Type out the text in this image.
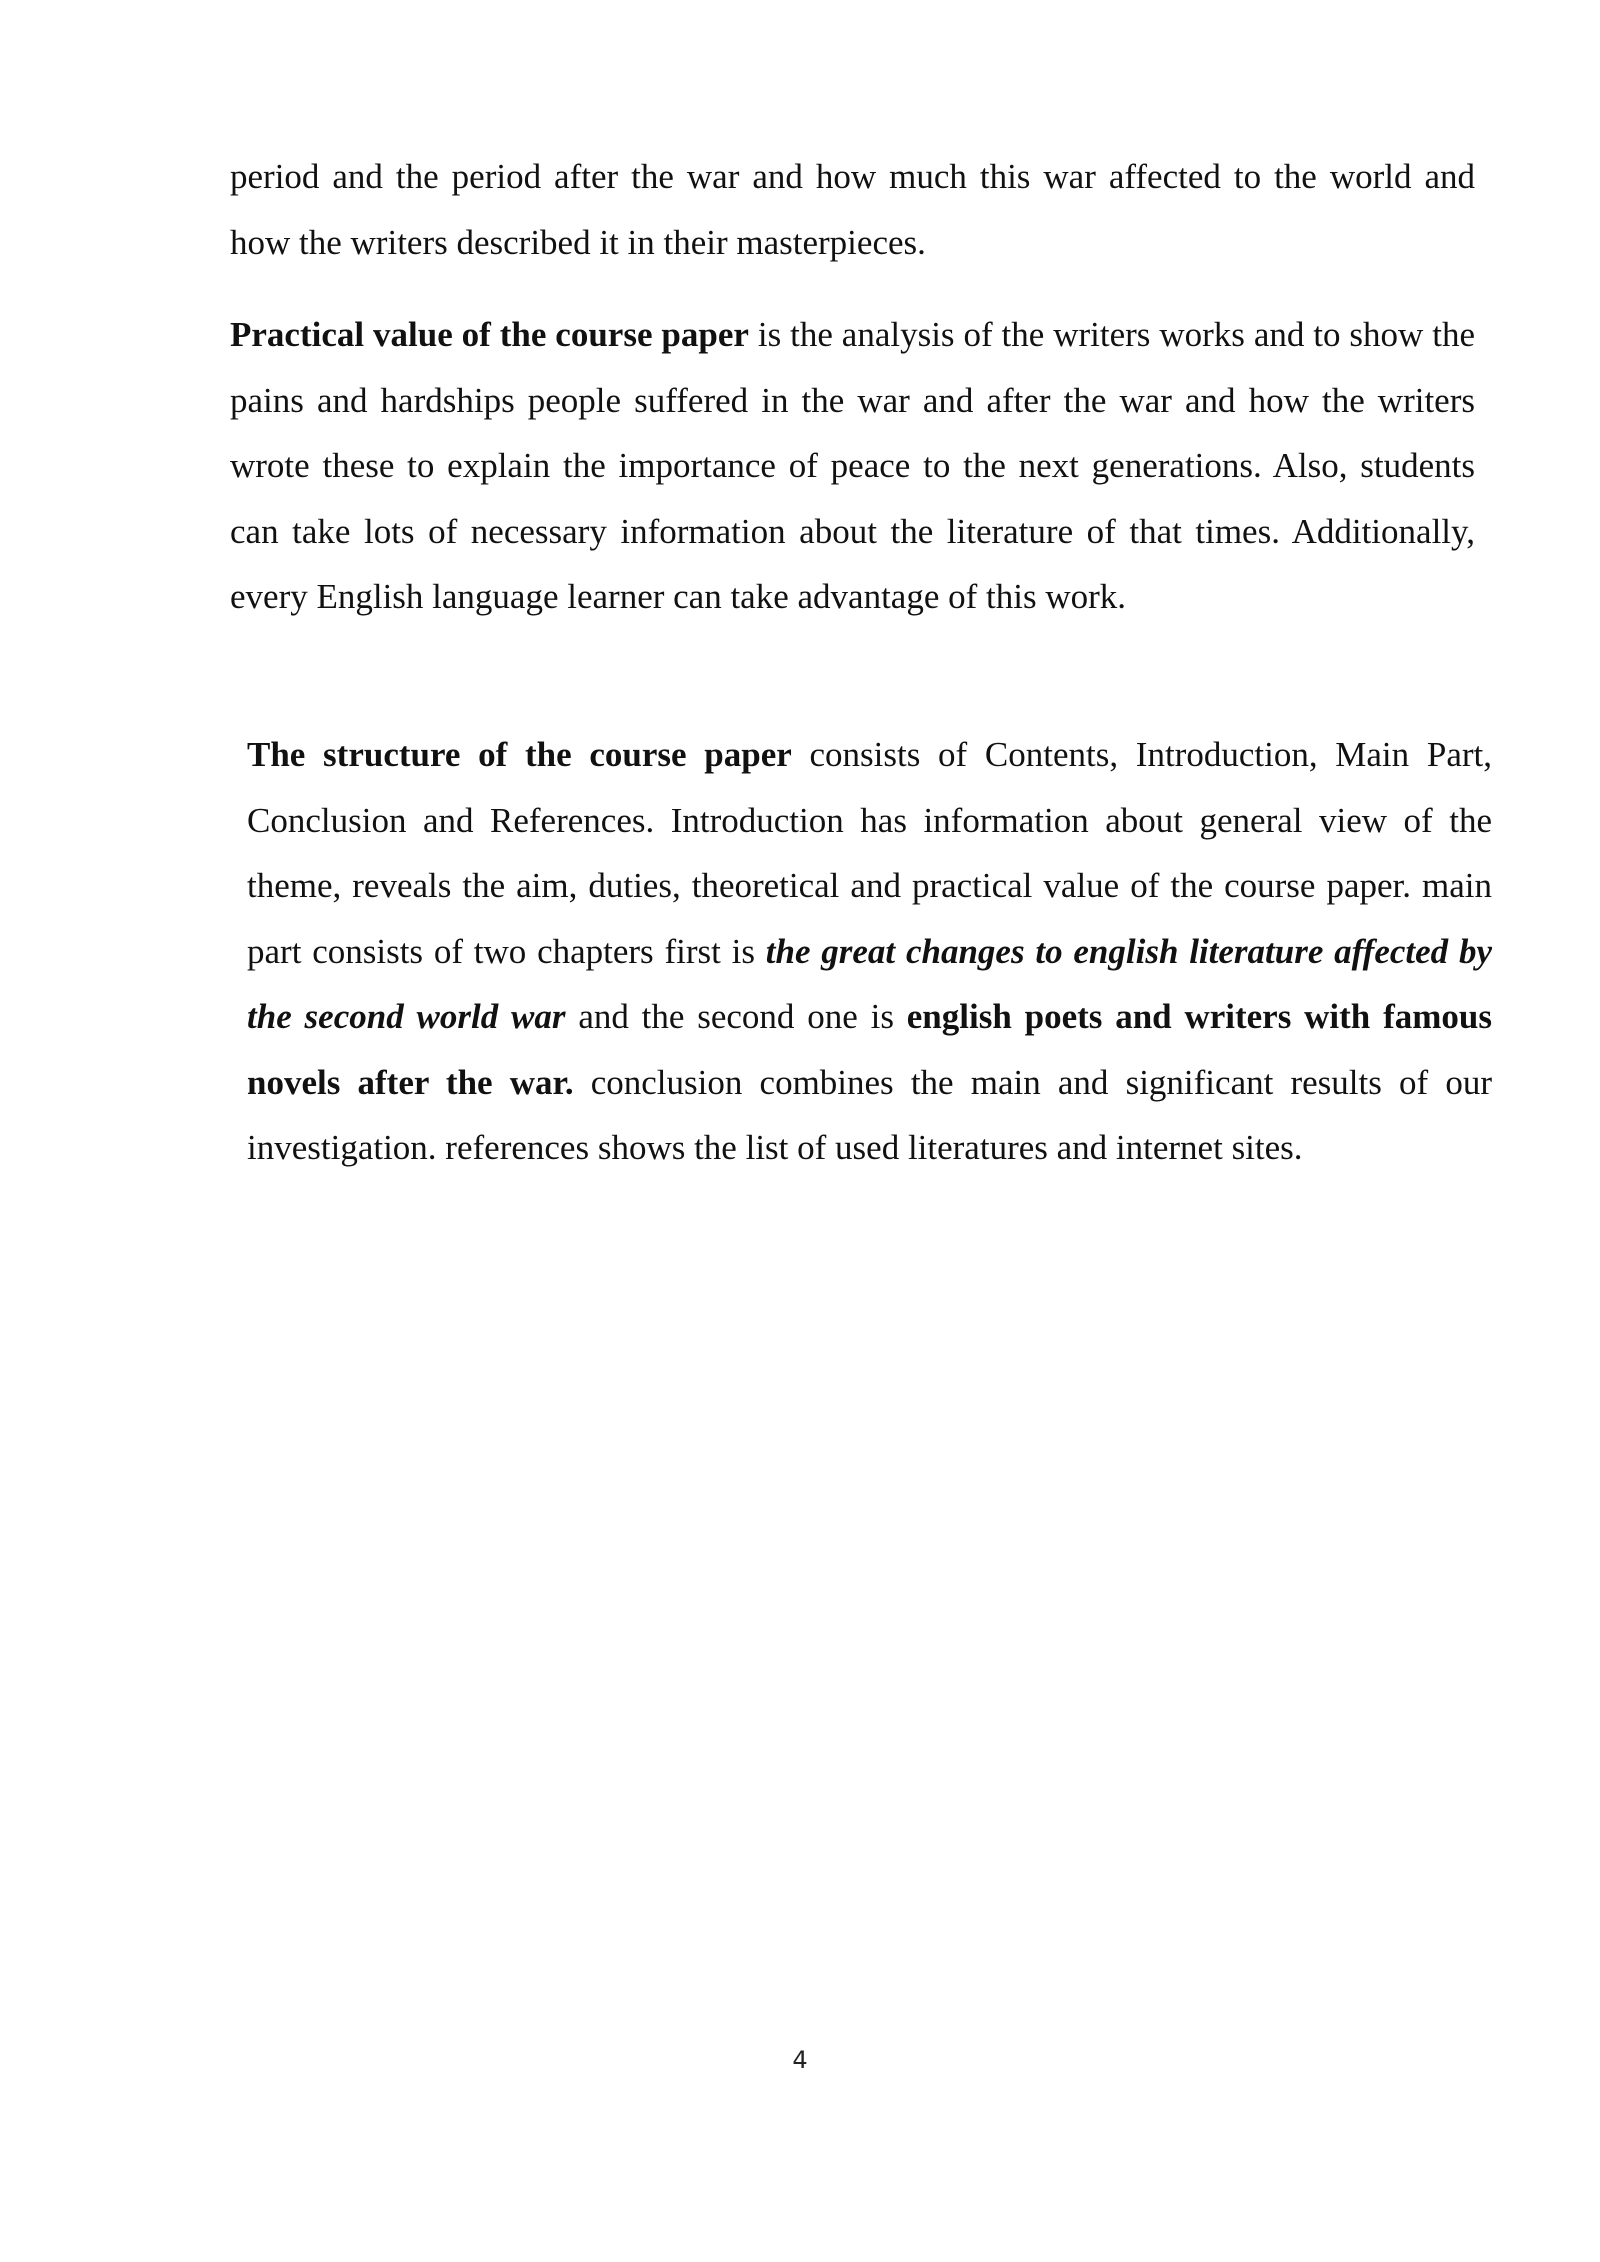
period and the period after the war and how much this war affected to the world and how the writers described it in their masterpieces.

Practical value of the course paper is the analysis of the writers works and to show the pains and hardships people suffered in the war and after the war and how the writers wrote these to explain the importance of peace to the next generations. Also, students can take lots of necessary information about the literature of that times. Additionally, every English language learner can take advantage of this work.

The structure of the course paper consists of Contents, Introduction, Main Part, Conclusion and References. Introduction has information about general view of the theme, reveals the aim, duties, theoretical and practical value of the course paper. main part consists of two chapters first is the great changes to english literature affected by the second world war and the second one is english poets and writers with famous novels after the war. conclusion combines the main and significant results of our investigation. references shows the list of used literatures and internet sites.

4
